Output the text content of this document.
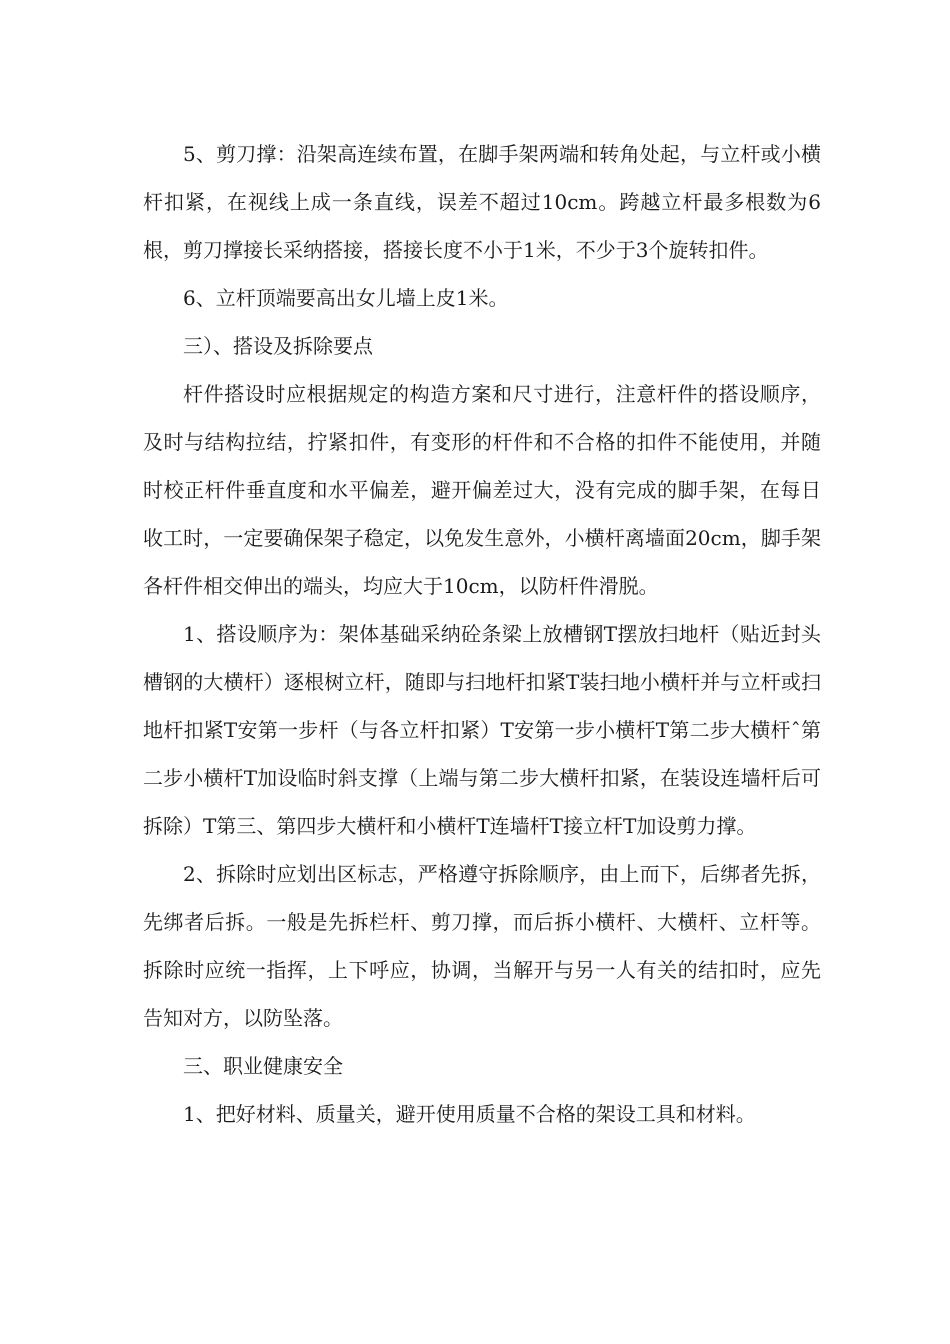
5、剪刀撑：沿架高连续布置，在脚手架两端和转角处起，与立杆或小横杆扣紧，在视线上成一条直线，误差不超过10cm。跨越立杆最多根数为6根，剪刀撑接长采纳搭接，搭接长度不小于1米，不少于3个旋转扣件。

6、立杆顶端要高出女儿墙上皮1米。

三）、搭设及拆除要点

杆件搭设时应根据规定的构造方案和尺寸进行，注意杆件的搭设顺序，及时与结构拉结，拧紧扣件，有变形的杆件和不合格的扣件不能使用，并随时校正杆件垂直度和水平偏差，避开偏差过大，没有完成的脚手架，在每日收工时，一定要确保架子稳定，以免发生意外，小横杆离墙面20cm，脚手架各杆件相交伸出的端头，均应大于10cm，以防杆件滑脱。

1、搭设顺序为：架体基础采纳砼条梁上放槽钢T摆放扫地杆（贴近封头槽钢的大横杆）逐根树立杆，随即与扫地杆扣紧T装扫地小横杆并与立杆或扫地杆扣紧T安第一步杆（与各立杆扣紧）T安第一步小横杆T第二步大横杆ˆ第二步小横杆T加设临时斜支撑（上端与第二步大横杆扣紧，在装设连墙杆后可拆除）T第三、第四步大横杆和小横杆T连墙杆T接立杆T加设剪力撑。

2、拆除时应划出区标志，严格遵守拆除顺序，由上而下，后绑者先拆，先绑者后拆。一般是先拆栏杆、剪刀撑，而后拆小横杆、大横杆、立杆等。拆除时应统一指挥，上下呼应，协调，当解开与另一人有关的结扣时，应先告知对方，以防坠落。

三、职业健康安全

1、把好材料、质量关，避开使用质量不合格的架设工具和材料。
